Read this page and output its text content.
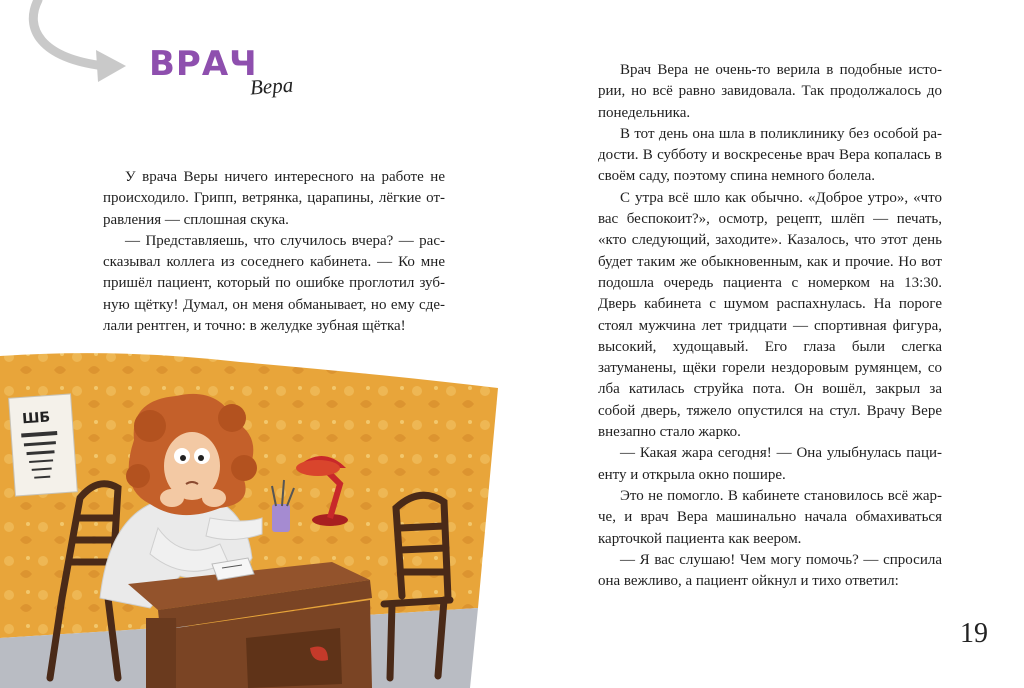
ВРАЧ
Вера

У врача Веры ничего интересного на работе не происходило. Грипп, ветрянка, царапины, лёгкие отравления — сплошная скука.

— Представляешь, что случилось вчера? — рассказывал коллега из соседнего кабинета. — Ко мне пришёл пациент, который по ошибке проглотил зубную щётку! Думал, он меня обманывает, но ему сделали рентген, и точно: в желудке зубная щётка!

ШБ

Врач Вера не очень-то верила в подобные истории, но всё равно завидовала. Так продолжалось до понедельника.

В тот день она шла в поликлинику без особой радости. В субботу и воскресенье врач Вера копалась в своём саду, поэтому спина немного болела.

С утра всё шло как обычно. «Доброе утро», «что вас беспокоит?», осмотр, рецепт, шлёп — печать, «кто следующий, заходите». Казалось, что этот день будет таким же обыкновенным, как и прочие. Но вот подошла очередь пациента с номерком на 13:30. Дверь кабинета с шумом распахнулась. На пороге стоял мужчина лет тридцати — спортивная фигура, высокий, худощавый. Его глаза были слегка затуманены, щёки горели нездоровым румянцем, со лба катилась струйка пота. Он вошёл, закрыл за собой дверь, тяжело опустился на стул. Врачу Вере внезапно стало жарко.

— Какая жара сегодня! — Она улыбнулась пациенту и открыла окно пошире.

Это не помогло. В кабинете становилось всё жарче, и врач Вера машинально начала обмахиваться карточкой пациента как веером.

— Я вас слушаю! Чем могу помочь? — спросила она вежливо, а пациент ойкнул и тихо ответил:

19
